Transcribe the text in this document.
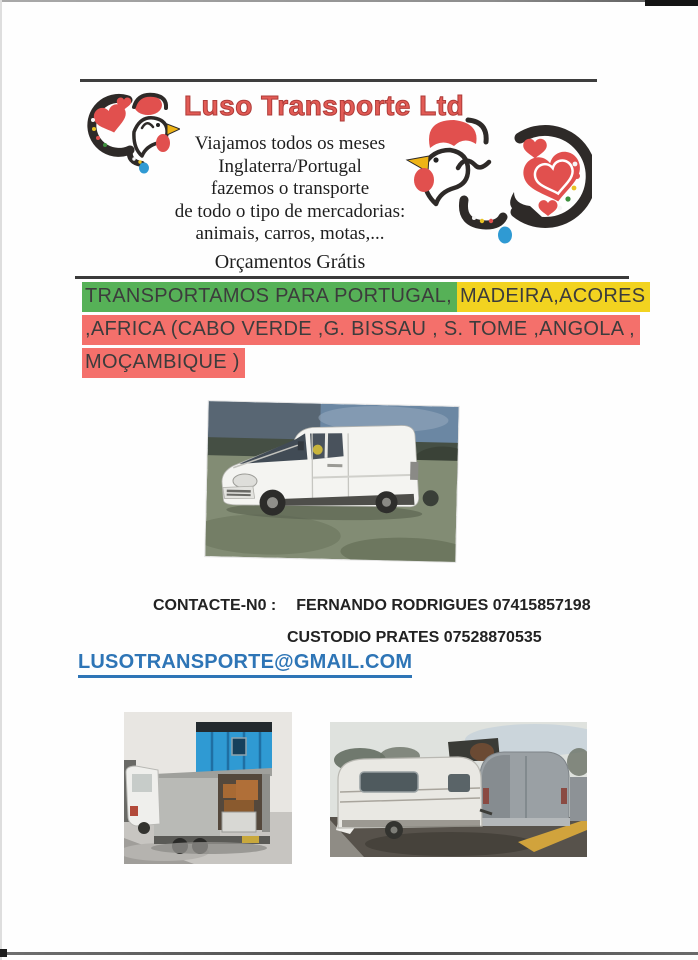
Luso Transporte Ltd
Viajamos todos os meses
Inglaterra/Portugal
fazemos o transporte
de todo o tipo de mercadorias:
animais, carros, motas,...
Orçamentos Grátis
TRANSPORTAMOS PARA PORTUGAL, MADEIRA,ACORES
,AFRICA (CABO VERDE ,G. BISSAU , S. TOME ,ANGOLA ,
MOÇAMBIQUE )
CONTACTE-N0 : FERNANDO RODRIGUES 07415857198
CUSTODIO PRATES 07528870535
LUSOTRANSPORTE@GMAIL.COM
